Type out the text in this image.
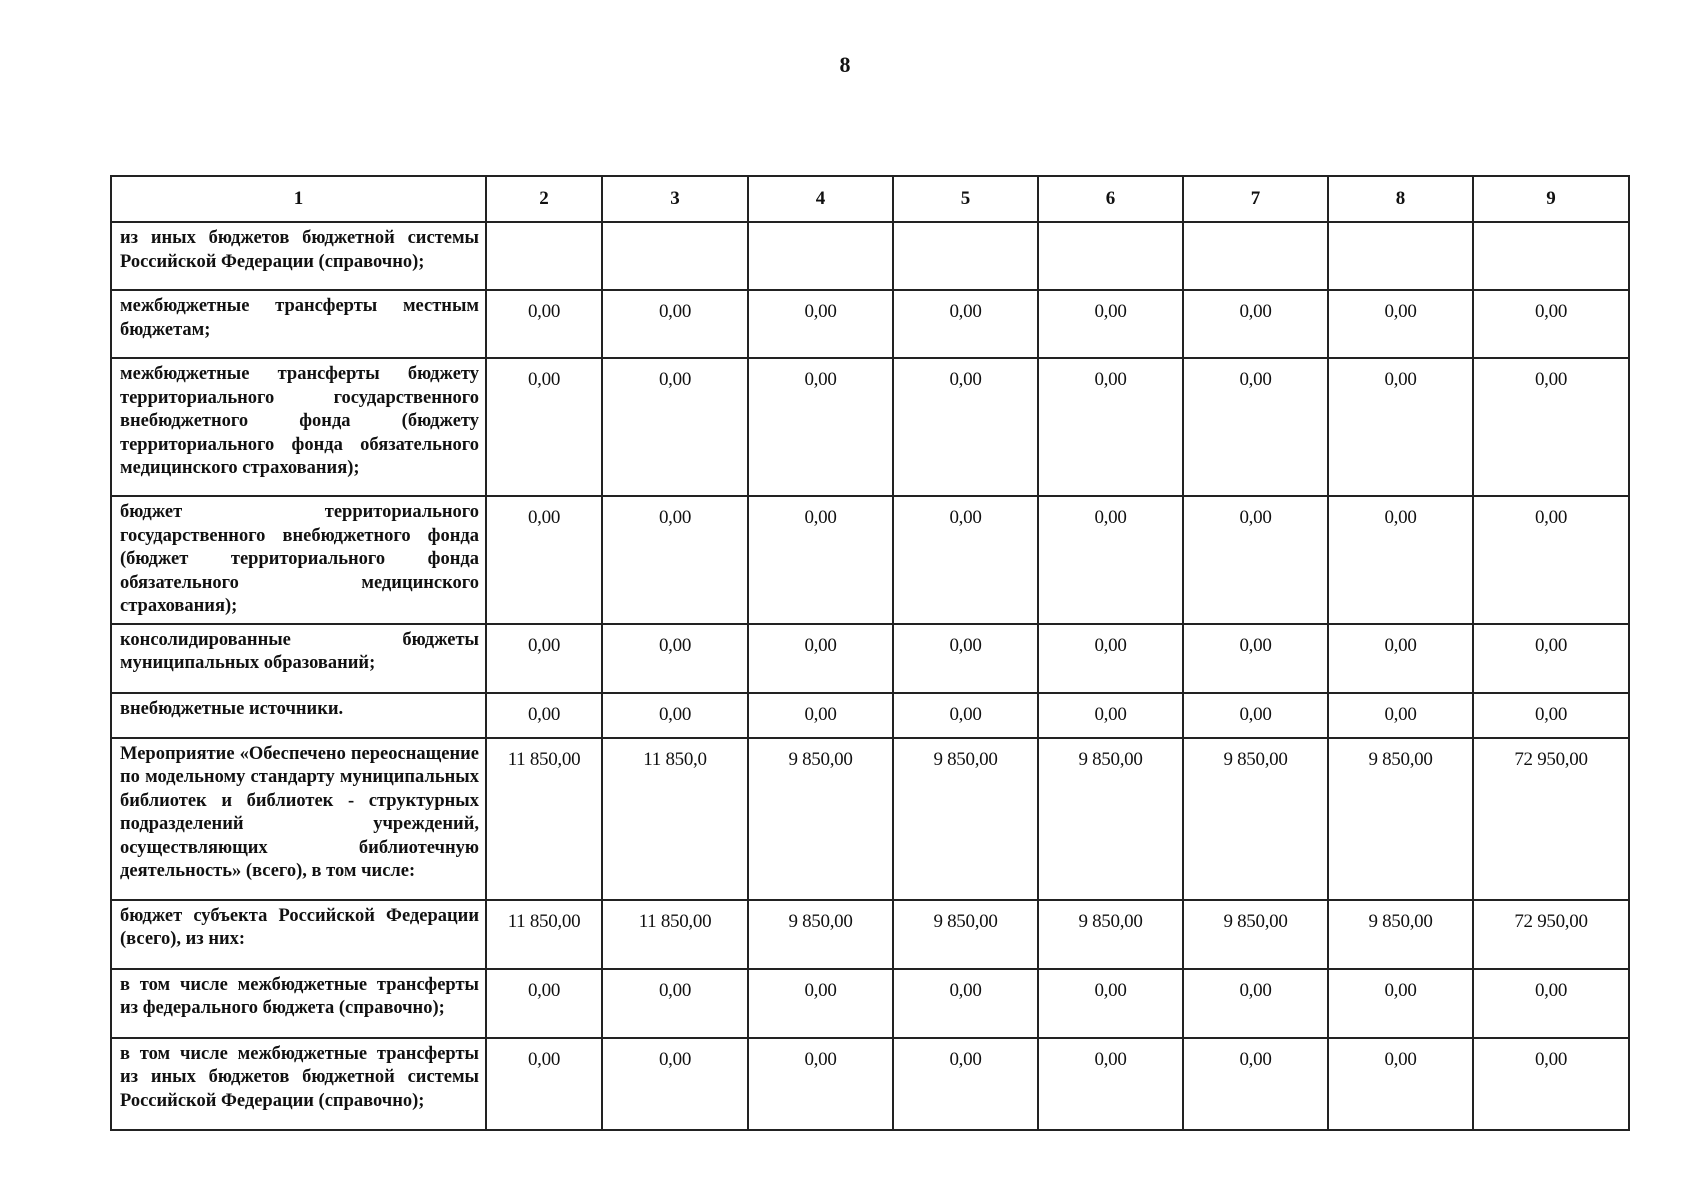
8
1	2	3	4	5	6	7	8	9
из иных бюджетов бюджетной системы Российской Федерации (справочно);								
межбюджетные трансферты местным бюджетам;	0,00	0,00	0,00	0,00	0,00	0,00	0,00	0,00
межбюджетные трансферты бюджету территориального государственного внебюджетного фонда (бюджету территориального фонда обязательного медицинского страхования);	0,00	0,00	0,00	0,00	0,00	0,00	0,00	0,00
бюджет территориального государственного внебюджетного фонда (бюджет территориального фонда обязательного медицинского страхования);	0,00	0,00	0,00	0,00	0,00	0,00	0,00	0,00
консолидированные бюджеты муниципальных образований;	0,00	0,00	0,00	0,00	0,00	0,00	0,00	0,00
внебюджетные источники.	0,00	0,00	0,00	0,00	0,00	0,00	0,00	0,00
Мероприятие «Обеспечено переоснащение по модельному стандарту муниципальных библиотек и библиотек - структурных подразделений учреждений, осуществляющих библиотечную деятельность» (всего), в том числе:	11 850,00	11 850,0	9 850,00	9 850,00	9 850,00	9 850,00	9 850,00	72 950,00
бюджет субъекта Российской Федерации (всего), из них:	11 850,00	11 850,00	9 850,00	9 850,00	9 850,00	9 850,00	9 850,00	72 950,00
в том числе межбюджетные трансферты из федерального бюджета (справочно);	0,00	0,00	0,00	0,00	0,00	0,00	0,00	0,00
в том числе межбюджетные трансферты из иных бюджетов бюджетной системы Российской Федерации (справочно);	0,00	0,00	0,00	0,00	0,00	0,00	0,00	0,00
